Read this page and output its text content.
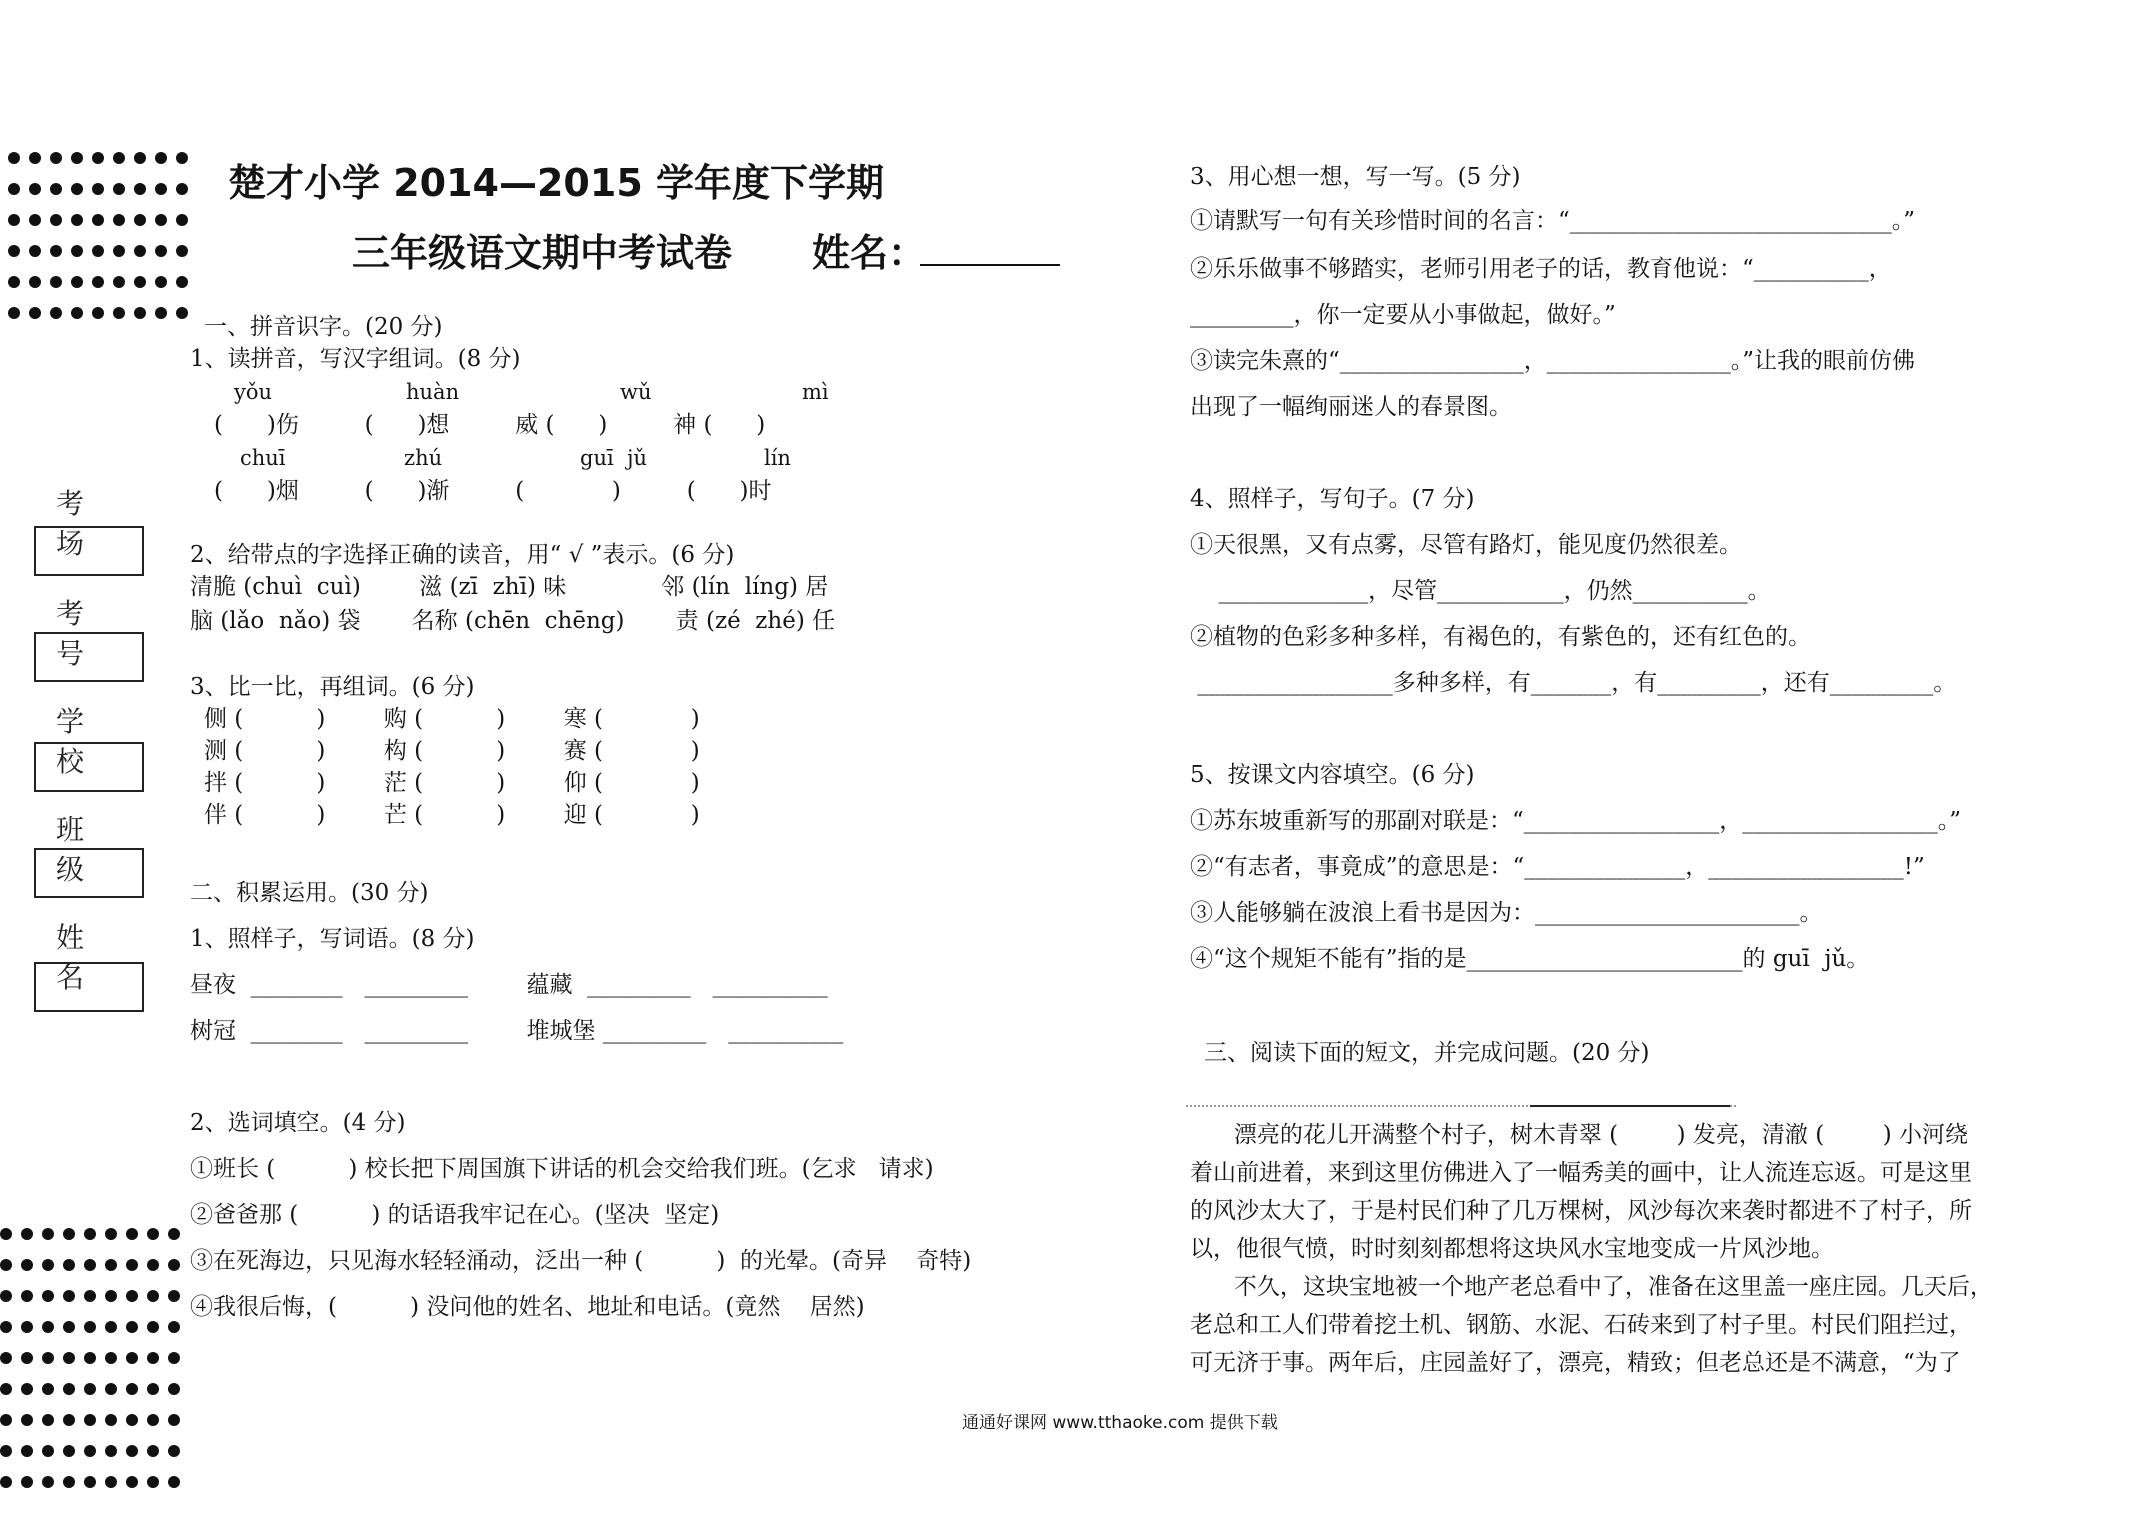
考 场
考 号
学 校
班 级
姓 名
楚才小学 2014—2015 学年度下学期
三年级语文期中考试卷 姓名：
一、拼音识字。(20 分)
1、读拼音，写汉字组词。(8 分)
yǒu	huàn	wǔ	mì
(      )伤         (      )想         威 (      )         神 (      )
chuī	zhú	guī  jǔ	lín
(      )烟         (      )渐         (            )         (      )时
2、给带点的字选择正确的读音，用“ √ ”表示。(6 分)
清脆 (chuì  cuì)        滋 (zī  zhī) 味             邻 (lín  líng) 居
脑 (lǎo  nǎo) 袋       名称 (chēn  chēng)       责 (zé  zhé) 任
3、比一比，再组词。(6 分)
侧 (          )        购 (          )        寒 (            )
测 (          )        构 (          )        赛 (            )
拌 (          )        茫 (          )        仰 (            )
伴 (          )        芒 (          )        迎 (            )
二、积累运用。(30 分)
1、照样子，写词语。(8 分)
昼夜  ________   _________        蕴藏  _________   __________
树冠  ________   _________        堆城堡 _________   __________
2、选词填空。(4 分)
①班长 (          ) 校长把下周国旗下讲话的机会交给我们班。(乞求   请求)
②爸爸那 (          ) 的话语我牢记在心。(坚决  坚定)
③在死海边，只见海水轻轻涌动，泛出一种 (          )  的光晕。(奇异    奇特)
④我很后悔，(          ) 没问他的姓名、地址和电话。(竟然    居然)
3、用心想一想，写一写。(5 分)
①请默写一句有关珍惜时间的名言：“____________________________。”
②乐乐做事不够踏实，老师引用老子的话，教育他说：“__________，
_________，你一定要从小事做起，做好。”
③读完朱熹的“________________，________________。”让我的眼前仿佛
出现了一幅绚丽迷人的春景图。
4、照样子，写句子。(7 分)
①天很黑，又有点雾，尽管有路灯，能见度仍然很差。
_____________，尽管___________，仍然__________。
②植物的色彩多种多样，有褐色的，有紫色的，还有红色的。
_________________多种多样，有_______，有_________，还有_________。
5、按课文内容填空。(6 分)
①苏东坡重新写的那副对联是：“_________________，_________________。”
②“有志者，事竟成”的意思是：“______________，_________________!”
③人能够躺在波浪上看书是因为：_______________________。
④“这个规矩不能有”指的是________________________的 guī  jǔ。
三、阅读下面的短文，并完成问题。(20 分)
漂亮的花儿开满整个村子，树木青翠 (        ) 发亮，清澈 (        ) 小河绕
着山前进着，来到这里仿佛进入了一幅秀美的画中，让人流连忘返。可是这里
的风沙太大了，于是村民们种了几万棵树，风沙每次来袭时都进不了村子，所
以，他很气愤，时时刻刻都想将这块风水宝地变成一片风沙地。
不久，这块宝地被一个地产老总看中了，准备在这里盖一座庄园。几天后，
老总和工人们带着挖土机、钢筋、水泥、石砖来到了村子里。村民们阻拦过，
可无济于事。两年后，庄园盖好了，漂亮，精致；但老总还是不满意，“为了
通通好课网 www.tthaoke.com 提供下载
